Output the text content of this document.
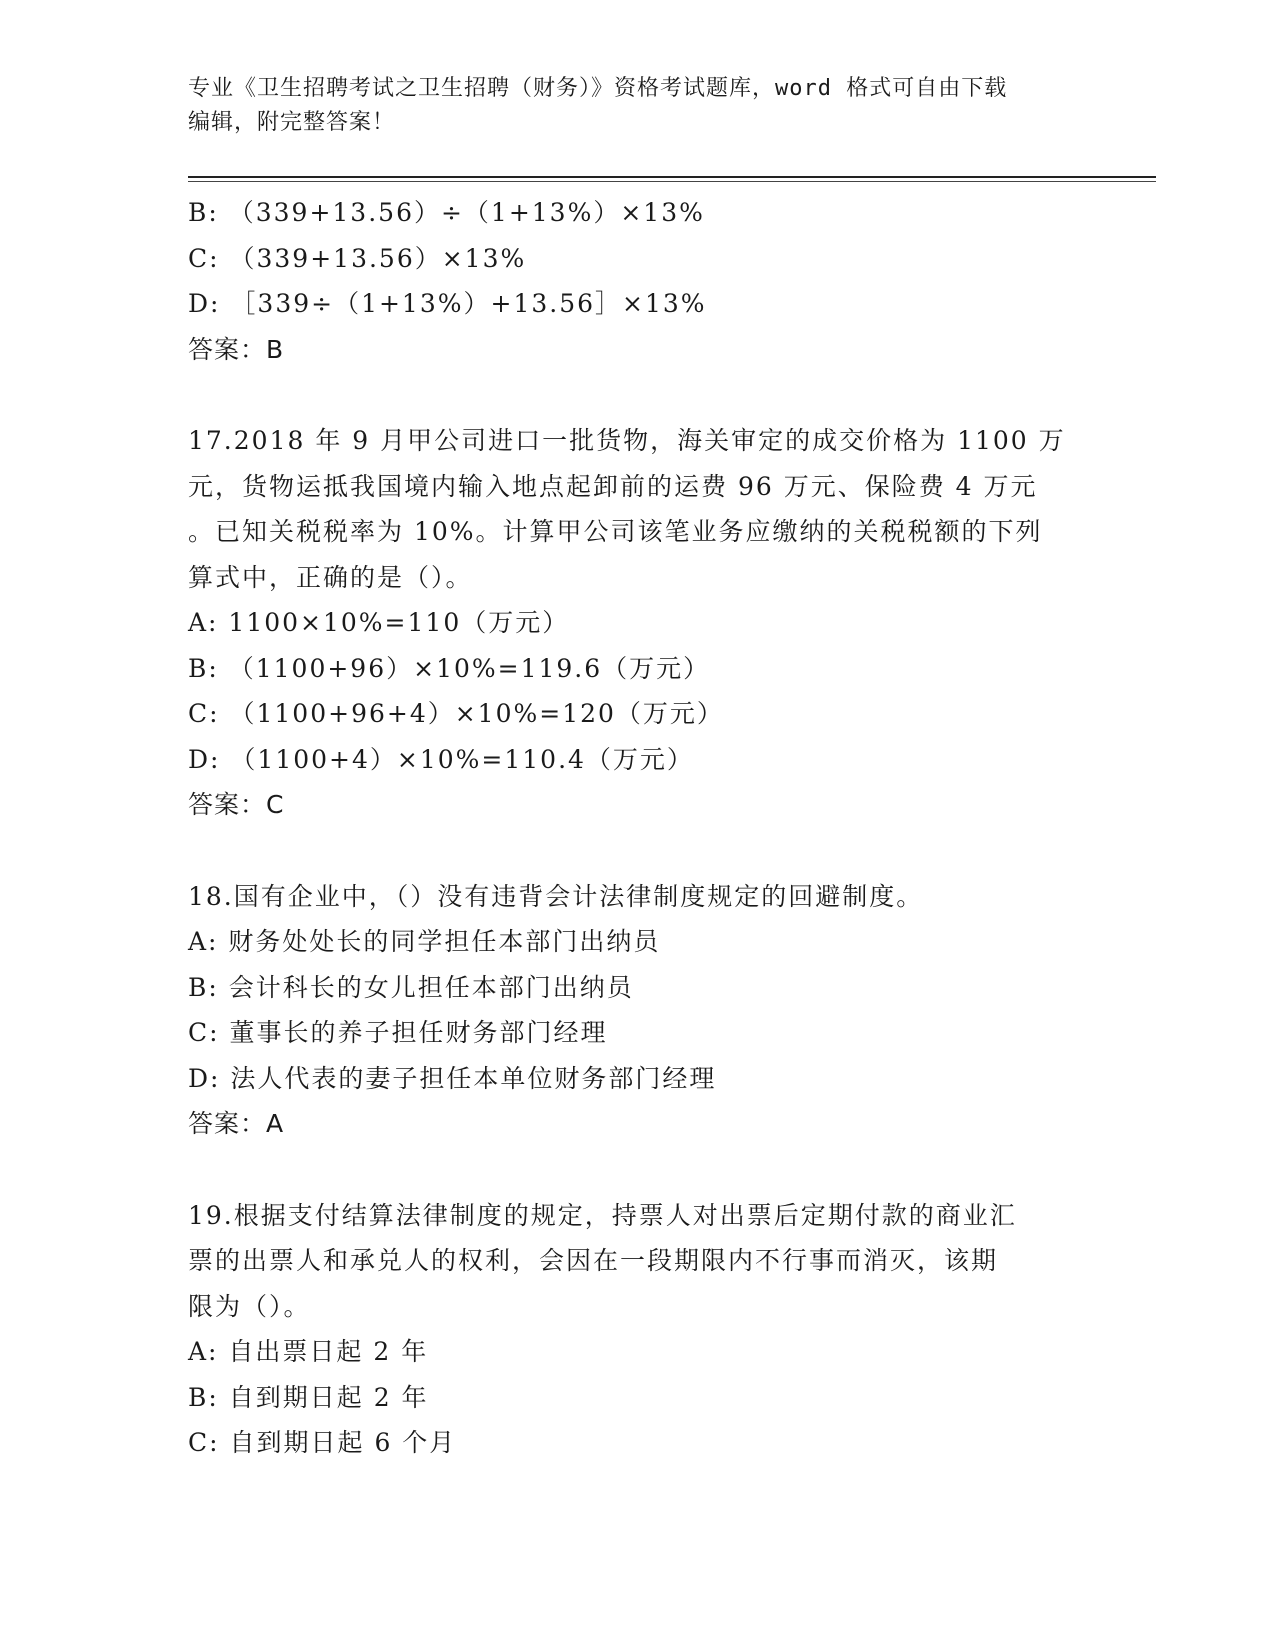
专业《卫生招聘考试之卫生招聘（财务）》资格考试题库，word 格式可自由下载
编辑，附完整答案！
B: （339+13.56）÷（1+13%）×13%
C: （339+13.56）×13%
D: ［339÷（1+13%）+13.56］×13%
答案：B
17.2018 年 9 月甲公司进口一批货物，海关审定的成交价格为 1100 万
元，货物运抵我国境内输入地点起卸前的运费 96 万元、保险费 4 万元
。已知关税税率为 10%。计算甲公司该笔业务应缴纳的关税税额的下列
算式中，正确的是（）。
A: 1100×10%=110（万元）
B: （1100+96）×10%=119.6（万元）
C: （1100+96+4）×10%=120（万元）
D: （1100+4）×10%=110.4（万元）
答案：C
18.国有企业中，（）没有违背会计法律制度规定的回避制度。
A: 财务处处长的同学担任本部门出纳员
B: 会计科长的女儿担任本部门出纳员
C: 董事长的养子担任财务部门经理
D: 法人代表的妻子担任本单位财务部门经理
答案：A
19.根据支付结算法律制度的规定，持票人对出票后定期付款的商业汇
票的出票人和承兑人的权利，会因在一段期限内不行事而消灭，该期
限为（）。
A: 自出票日起 2 年
B: 自到期日起 2 年
C: 自到期日起 6 个月
